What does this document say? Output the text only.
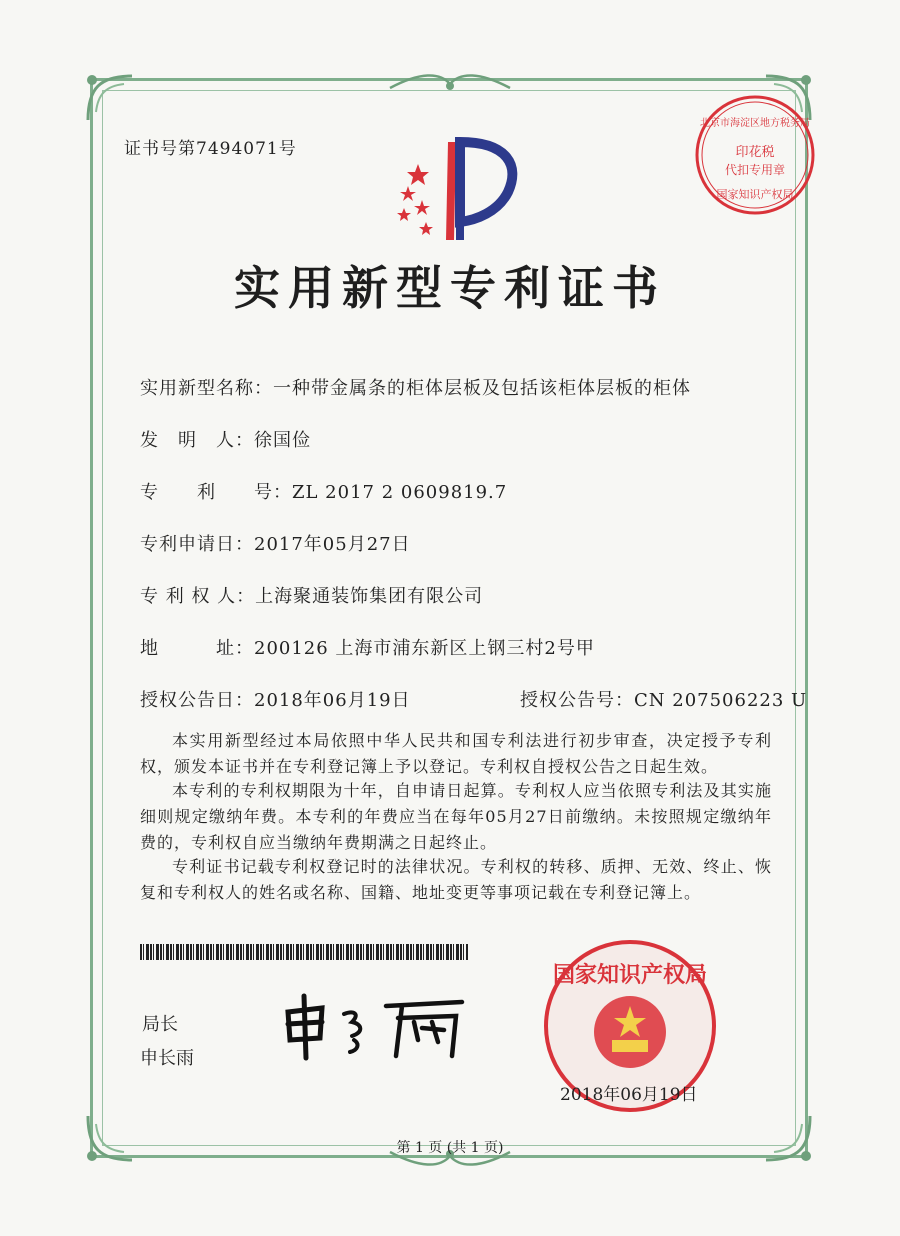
证书号第7494071号
北京市海淀区地方税务局
印花税
代扣专用章
国家知识产权局
实用新型专利证书
实用新型名称：一种带金属条的柜体层板及包括该柜体层板的柜体
发　明　人：徐国俭
专　　利　　号：ZL 2017 2 0609819.7
专利申请日：2017年05月27日
专 利 权 人：上海聚通装饰集团有限公司
地　　　址：200126 上海市浦东新区上钢三村2号甲
授权公告日：2018年06月19日	授权公告号：CN 207506223 U
本实用新型经过本局依照中华人民共和国专利法进行初步审查，决定授予专利权，颁发本证书并在专利登记簿上予以登记。专利权自授权公告之日起生效。
本专利的专利权期限为十年，自申请日起算。专利权人应当依照专利法及其实施细则规定缴纳年费。本专利的年费应当在每年05月27日前缴纳。未按照规定缴纳年费的，专利权自应当缴纳年费期满之日起终止。
专利证书记载专利权登记时的法律状况。专利权的转移、质押、无效、终止、恢复和专利权人的姓名或名称、国籍、地址变更等事项记载在专利登记簿上。
局长
申长雨
国家知识产权局
2018年06月19日
第 1 页 (共 1 页)
